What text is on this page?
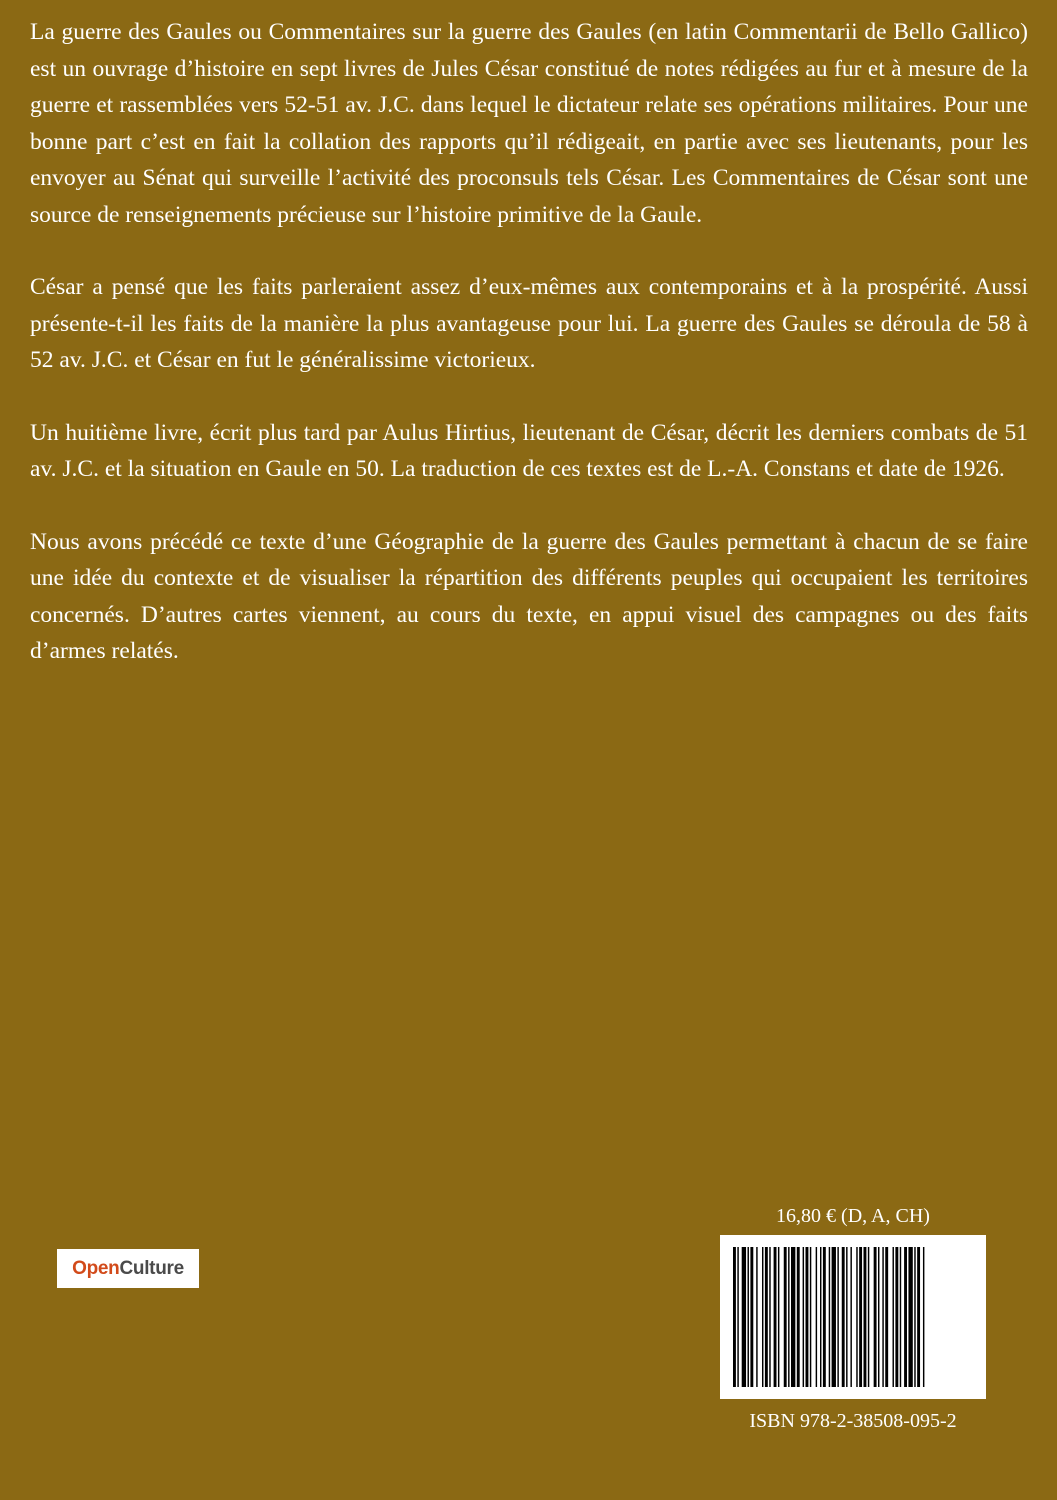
La guerre des Gaules ou Commentaires sur la guerre des Gaules (en latin Commentarii de Bello Gallico) est un ouvrage d’histoire en sept livres de Jules César constitué de notes rédigées au fur et à mesure de la guerre et rassemblées vers 52-51 av. J.C. dans lequel le dictateur relate ses opérations militaires. Pour une bonne part c’est en fait la collation des rapports qu’il rédigeait, en partie avec ses lieutenants, pour les envoyer au Sénat qui surveille l’activité des proconsuls tels César. Les Commentaires de César sont une source de renseignements précieuse sur l’histoire primitive de la Gaule.

César a pensé que les faits parleraient assez d’eux-mêmes aux contemporains et à la prospérité. Aussi présente-t-il les faits de la manière la plus avantageuse pour lui. La guerre des Gaules se déroula de 58 à 52 av. J.C. et César en fut le généralissime victorieux.

Un huitième livre, écrit plus tard par Aulus Hirtius, lieutenant de César, décrit les derniers combats de 51 av. J.C. et la situation en Gaule en 50. La traduction de ces textes est de L.-A. Constans et date de 1926.

Nous avons précédé ce texte d’une Géographie de la guerre des Gaules permettant à chacun de se faire une idée du contexte et de visualiser la répartition des différents peuples qui occupaient les territoires concernés. D’autres cartes viennent, au cours du texte, en appui visuel des campagnes ou des faits d’armes relatés.

Open Culture
16,80 € (D, A, CH)
ISBN 978-2-38508-095-2
